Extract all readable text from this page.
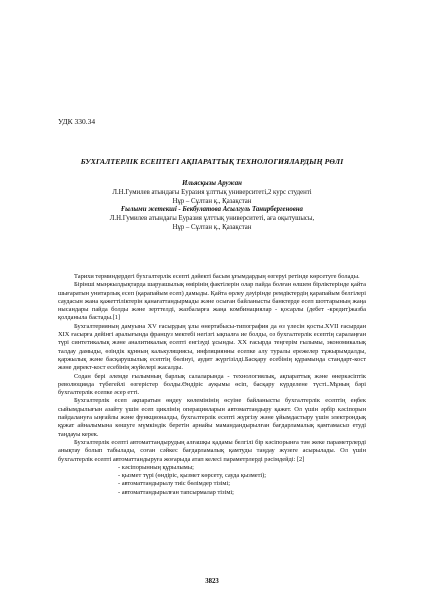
УДК 330.34
БУХГАЛТЕРЛІК ЕСЕПТЕГІ АҚПАРАТТЫҚ ТЕХНОЛОГИЯЛАРДЫҢ РӨЛІ
Ильясқызы Аружан
Л.Н.Гумилев атындағы Еуразия ұлттық университеті,2 курс студенті
Нұр – Сұлтан қ., Қазақстан
Ғылыми жетекші - Бекбулатова Асылгуль Танирбергеновна
Л.Н.Гумилев атындағы Еуразия ұлттық университеті, аға оқытушысы,
Нұр – Сұлтан қ., Қазақстан

Тарихи терминдердегі бухгалтерлік есепті дәйекті басым ұғымдардың өзгеруі ретінде көрсетуге болады.

Бірінші мыңжылдықтарда шаруашылық өмірінің фактілерін олар пайда болған өлшем бірліктерінде қайта шығаратын унитарлық есеп (қарапайым есеп) дамыды. Қайта өрлеу дәуірінде ремдіктердің қарапайым белгілері саудасын жана қажеттіліктерін қанағаттандырмады және осыған байланысты банктерде есеп шоттарының жаңа нысандары пайда болды және зерттелді, жазбаларға жаңа комбинациялар - қосарлы (дебет -кредит)жазба қолданыла бастады.[1]

Бухгалтерияның дамуына XV ғасырдың ұлы өнертабысы-типография да өз үлесін қосты.XVII ғасырдан XIX ғасырға дейінгі аралығында француз мектебі негізгі ықпалға ие болды, оз бухгалтерлік есептің саралаңған түрі синтетикалық және аналитикалық есепті енгізуді ұсынды. XX ғасырда теңгерім ғылымы, экономикалық талдау дамыды, өзіндік құнның калькуляциясы, инфляциянны есепке алу туралы ережелер тұжырымдалды, қаржылық және басқарушылық есептің бөлінуі, аудит жүргізілді.Басқару есебінің құрамында стандарт-кост және директ-кост есебінің жүйелері жасалды.

Содан бері әлемде ғылымның барлық салаларында - технологиялық, ақпараттық және өнеркәсіптік революцияда түбегейлі өзгерістер болды.Өндіріс ауқымы өсіп, басқару күрделене түсті..Мұның бәрі бухгалтерлік есепке әсер етті.

Бухгалтерлік есеп ақпаратын өңдеу көлемінінің өсуіне байланысты бухгалтерлік есептің еңбек сыйымдылығын азайту үшін есеп циклінің операцияларын автоматтандыру қажет. Ол үшін әрбір кәсіпорын пайдалануға ыңғайлы және функционалды, бухгалтерлік есепті жүргізу және ұйымдастыру үшін электрондық құжат айналымына көшуге мүмкіндік беретін арнайы мамандандырылған бағдарламалық қамтамасыз етуді таңдауы керек.

Бухгалтерлік есепті автоматтандырудың алғашқы қадамы белгілі бір кәсіпорынға тән жеке параметрлерді анықтау болып табылады, соған сәйкес бағдарламалық қамтуды таңдау жүзеге асырылады. Ол үшін бухгалтерлік есепті автоматтандыруға жоғарыда атап келесі параметрлерді рәсімдейді: [2]

- кәсіпорынның құрылымы;
- қызмет түрі (өндіріс, қызмет көрсету, сауда қызметі);
- автоматтандырылу тиіс бөлімдер тізімі;
- автоматтандырылған тапсырмалар тізімі;
3823
